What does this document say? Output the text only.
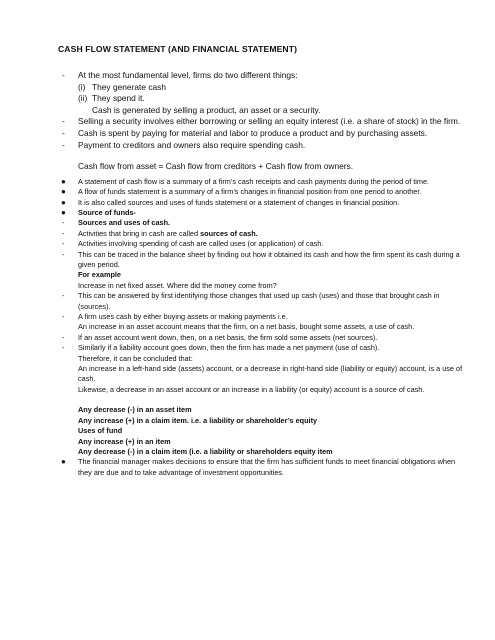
CASH FLOW STATEMENT (AND FINANCIAL STATEMENT)
- At the most fundamental level, firms do two different things:
(i) They generate cash
(ii) They spend it.
Cash is generated by selling a product, an asset or a security.
- Selling a security involves either borrowing or selling an equity interest (i.e. a share of stock) in the firm.
- Cash is spent by paying for material and labor to produce a product and by purchasing assets.
- Payment to creditors and owners also require spending cash.
Cash flow from asset = Cash flow from creditors + Cash flow from owners.
● A statement of cash flow is a summary of a firm’s cash receipts and cash payments during the period of time.
● A flow of funds statement is a summary of a firm’s changes in financial position from one period to another.
● It is also called sources and uses of funds statement or a statement of changes in financial position.
● Source of funds-
- Sources and uses of cash.
- Activities that bring in cash are called sources of cash.
- Activities involving spending of cash are called uses (or application) of cash.
- This can be traced in the balance sheet by finding out how it obtained its cash and how the firm spent its cash during a given period.
For example
Increase in net fixed asset. Where did the money come from?
- This can be answered by first identifying those changes that used up cash (uses) and those that brought cash in (sources).
- A firm uses cash by either buying assets or making payments i.e.
An increase in an asset account means that the firm, on a net basis, bought some assets, a use of cash.
- If an asset account went down, then, on a net basis, the firm sold some assets (net sources).
- Similarly if a liability account goes down, then the firm has made a net payment (use of cash).
Therefore, it can be concluded that:
An increase in a left-hand side (assets) account, or a decrease in right-hand side (liability or equity) account, is a use of cash.
Likewise, a decrease in an asset account or an increase in a liability (or equity) account is a source of cash.
Any decrease (-) in an asset item
Any increase (+) in a claim item. i.e. a liability or shareholder’s equity
Uses of fund
Any increase (+) in an item
Any decrease (-) in a claim item (i.e. a liability or shareholders equity item
● The financial manager makes decisions to ensure that the firm has sufficient funds to meet financial obligations when they are due and to take advantage of investment opportunities.
